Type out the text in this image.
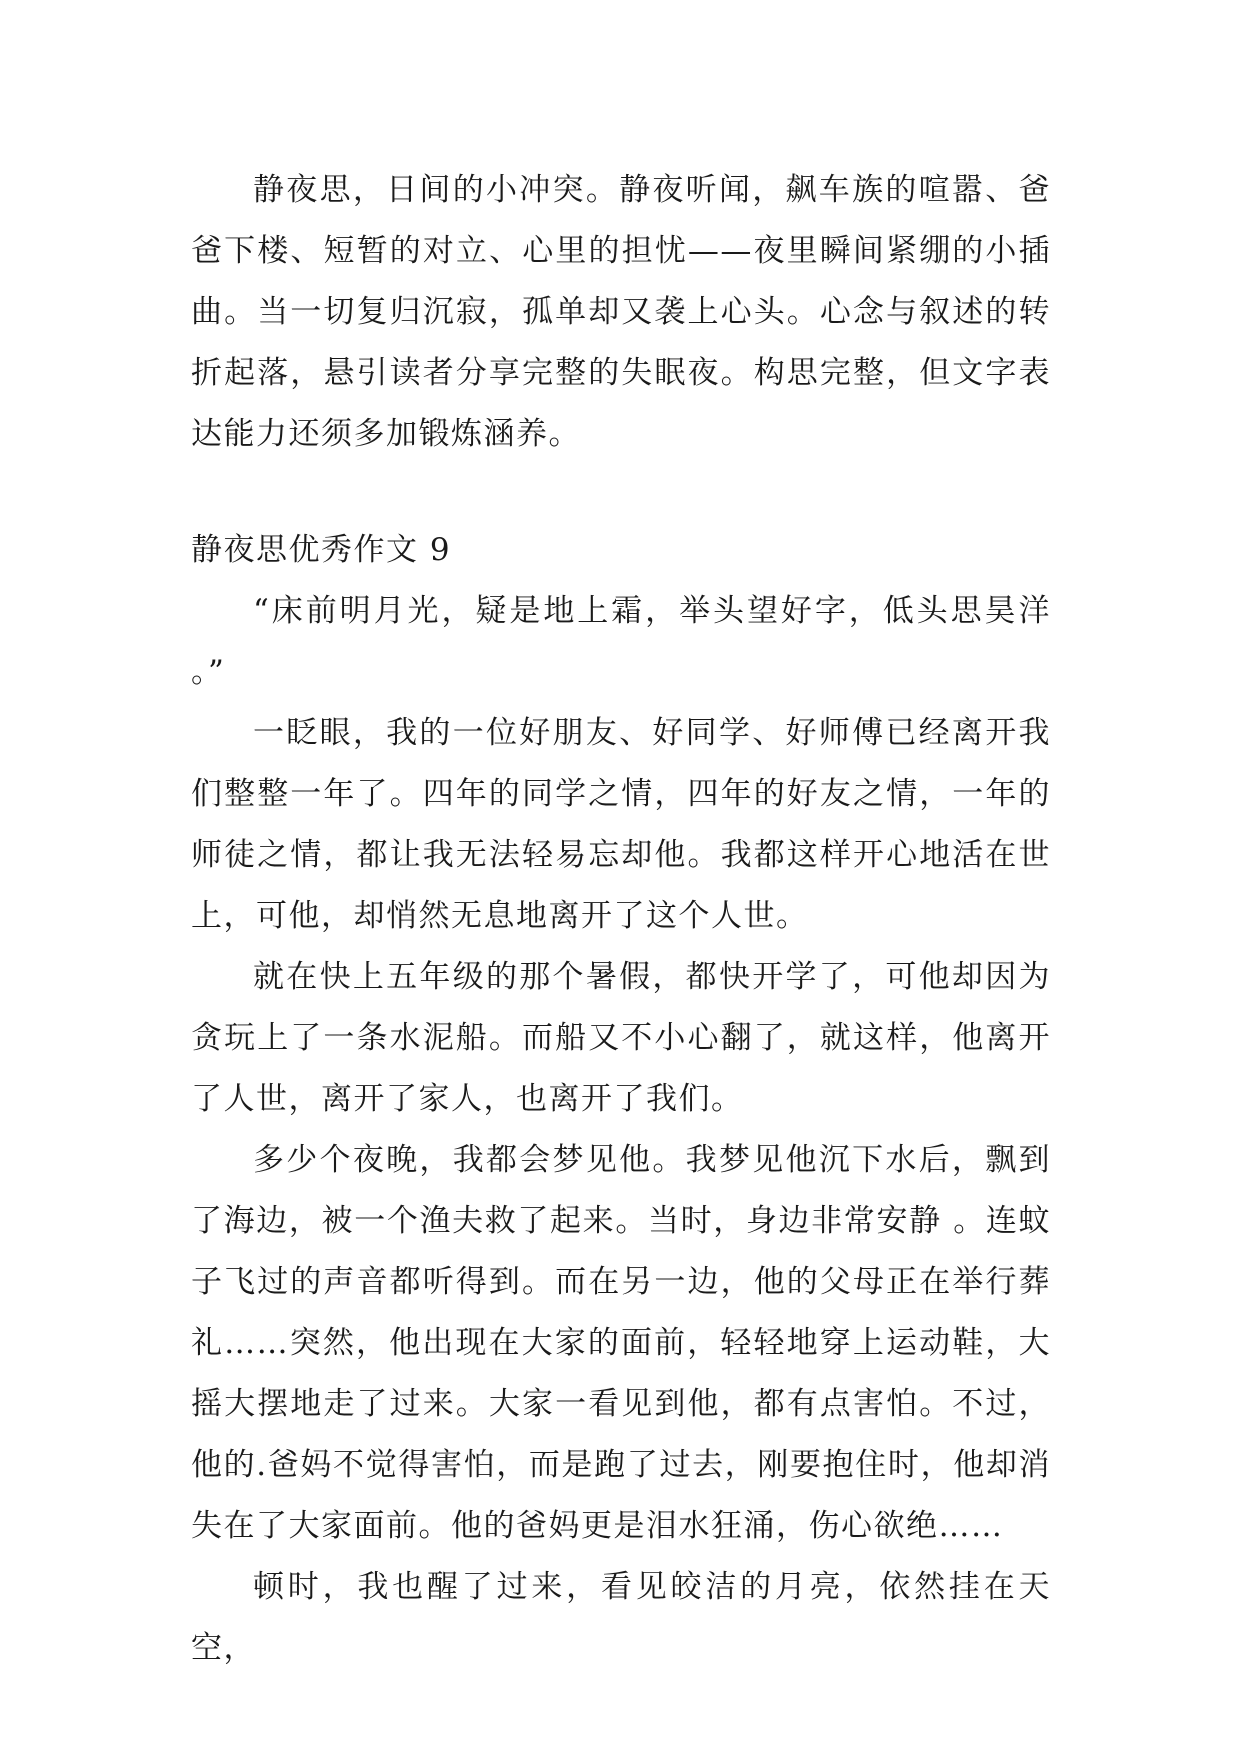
静夜思，日间的小冲突。静夜听闻，飙车族的喧嚣、爸爸下楼、短暂的对立、心里的担忧——夜里瞬间紧绷的小插曲。当一切复归沉寂，孤单却又袭上心头。心念与叙述的转折起落，悬引读者分享完整的失眠夜。构思完整，但文字表达能力还须多加锻炼涵养。

静夜思优秀作文 9

“床前明月光，疑是地上霜，举头望好字，低头思昊洋 。”

一眨眼，我的一位好朋友、好同学、好师傅已经离开我们整整一年了。四年的同学之情，四年的好友之情，一年的师徒之情，都让我无法轻易忘却他。我都这样开心地活在世上，可他，却悄然无息地离开了这个人世。

就在快上五年级的那个暑假，都快开学了，可他却因为贪玩上了一条水泥船。而船又不小心翻了，就这样，他离开了人世，离开了家人，也离开了我们。

多少个夜晚，我都会梦见他。我梦见他沉下水后，飘到了海边，被一个渔夫救了起来。当时，身边非常安静 。连蚊子飞过的声音都听得到。而在另一边，他的父母正在举行葬礼……突然，他出现在大家的面前，轻轻地穿上运动鞋，大摇大摆地走了过来。大家一看见到他，都有点害怕。不过，他的.爸妈不觉得害怕，而是跑了过去，刚要抱住时，他却消失在了大家面前。他的爸妈更是泪水狂涌，伤心欲绝……

顿时，我也醒了过来，看见皎洁的月亮，依然挂在天空，
